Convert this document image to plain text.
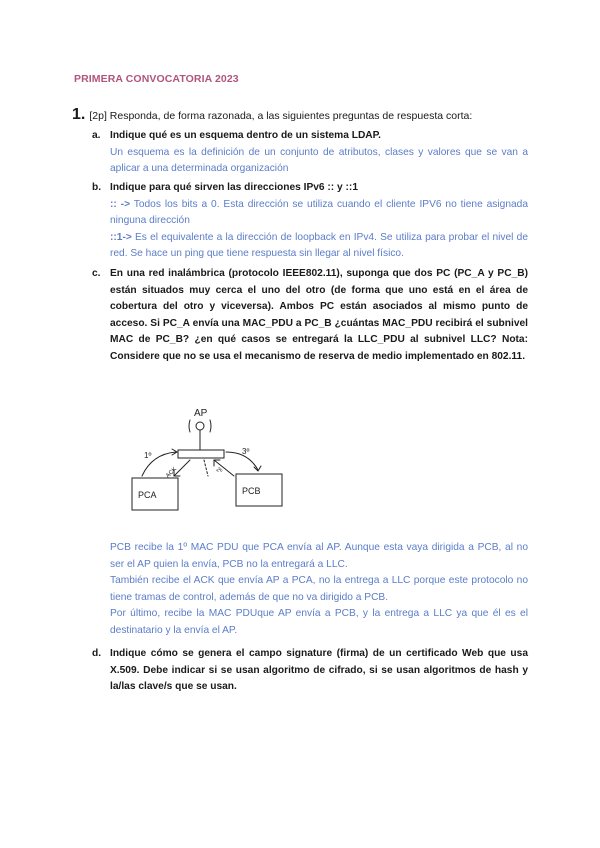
PRIMERA CONVOCATORIA 2023
1. [2p] Responda, de forma razonada, a las siguientes preguntas de respuesta corta:
a. Indique qué es un esquema dentro de un sistema LDAP.
Un esquema es la definición de un conjunto de atributos, clases y valores que se van a aplicar a una determinada organización
b. Indique para qué sirven las direcciones IPv6 :: y ::1
:: -> Todos los bits a 0. Esta dirección se utiliza cuando el cliente IPV6 no tiene asignada ninguna dirección
::1-> Es el equivalente a la dirección de loopback en IPv4. Se utiliza para probar el nivel de red. Se hace un ping que tiene respuesta sin llegar al nivel físico.
c. En una red inalámbrica (protocolo IEEE802.11), suponga que dos PC (PC_A y PC_B) están situados muy cerca el uno del otro (de forma que uno está en el área de cobertura del otro y viceversa). Ambos PC están asociados al mismo punto de acceso. Si PC_A envía una MAC_PDU a PC_B ¿cuántas MAC_PDU recibirá el subnivel MAC de PC_B? ¿en qué casos se entregará la LLC_PDU al subnivel LLC? Nota: Considere que no se usa el mecanismo de reserva de medio implementado en 802.11.
AP
PCA	PCB
1º	3º
ACK	2º
PCB recibe la 1º MAC PDU que PCA envía al AP. Aunque esta vaya dirigida a PCB, al no ser el AP quien la envía, PCB no la entregará a LLC.
También recibe el ACK que envía AP a PCA, no la entrega a LLC porque este protocolo no tiene tramas de control, además de que no va dirigido a PCB.
Por último, recibe la MAC PDUque AP envía a PCB, y la entrega a LLC ya que él es el destinatario y la envía el AP.
d. Indique cómo se genera el campo signature (firma) de un certificado Web que usa X.509. Debe indicar si se usan algoritmo de cifrado, si se usan algoritmos de hash y la/las clave/s que se usan.
